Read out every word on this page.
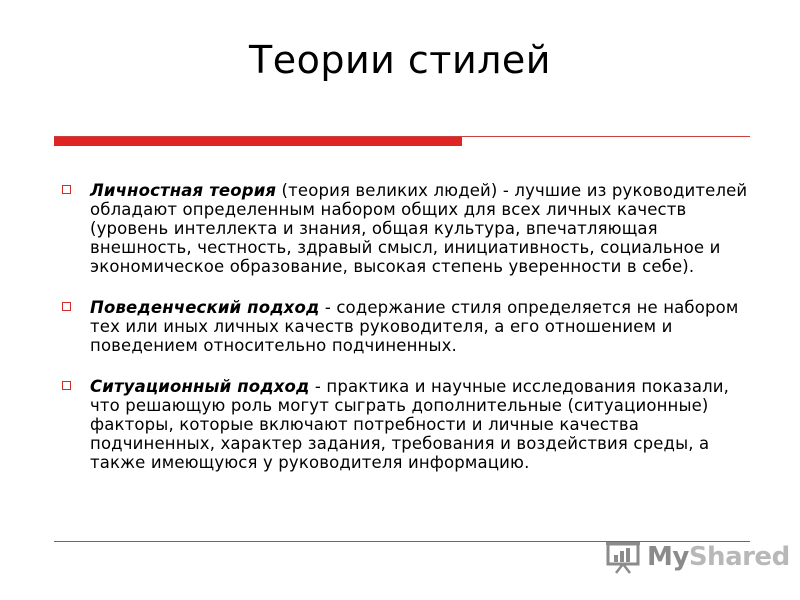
Теории стилей
Личностная теория (теория великих людей) - лучшие из руководителей обладают определенным набором общих для всех личных качеств (уровень интеллекта и знания, общая культура, впечатляющая внешность, честность, здравый смысл, инициативность, социальное и экономическое образование, высокая степень уверенности в себе).
Поведенческий подход - содержание стиля определяется не набором тех или иных личных качеств руководителя, а его отношением и поведением относительно подчиненных.
Ситуационный подход - практика и научные исследования показали, что решающую роль могут сыграть дополнительные (ситуационные) факторы, которые включают потребности и личные качества подчиненных, характер задания, требования и воздействия среды, а также имеющуюся у руководителя информацию.
MyShared
